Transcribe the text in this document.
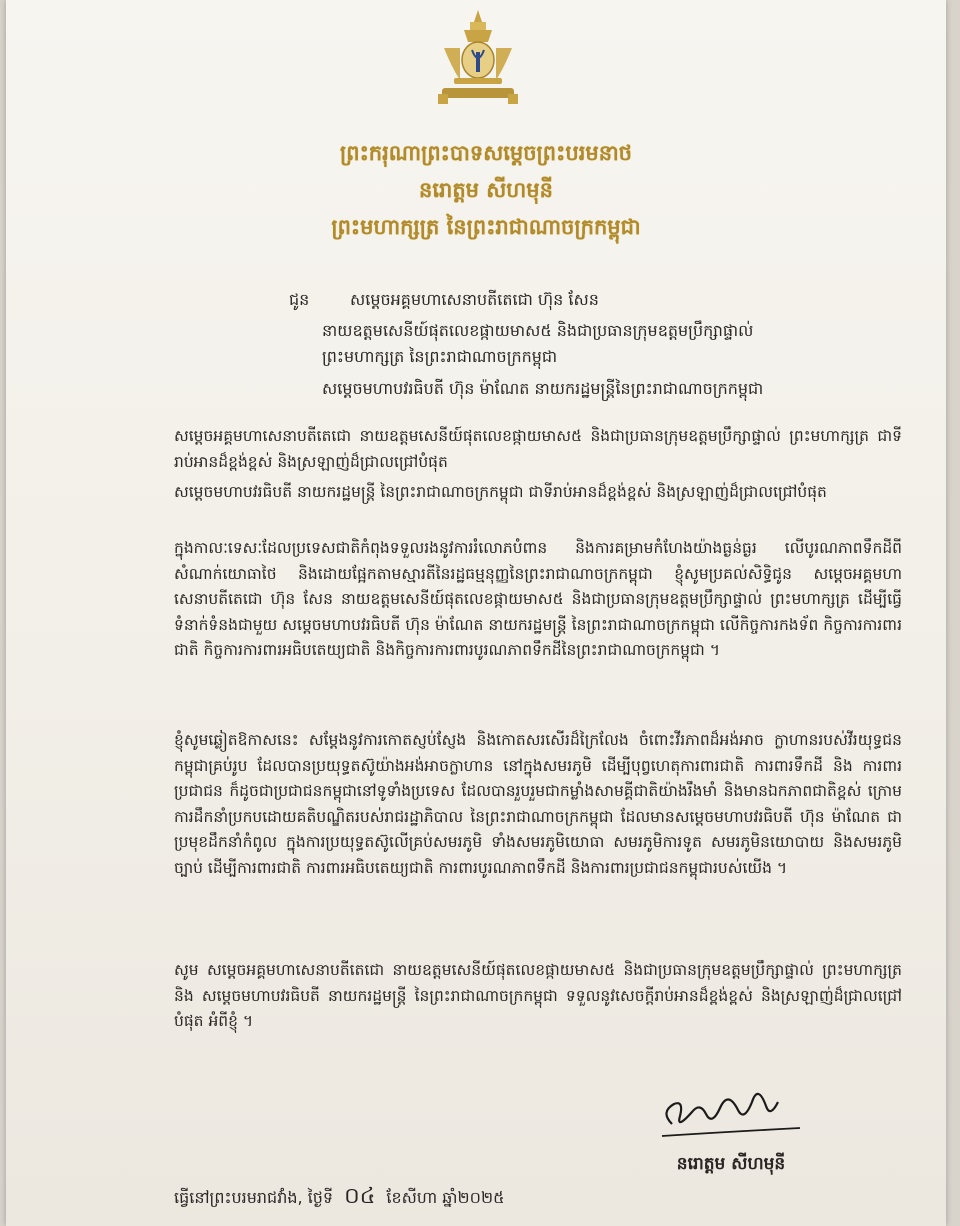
ព្រះករុណាព្រះបាទសម្ដេចព្រះបរមនាថ
នរោត្តម សីហមុនី
ព្រះមហាក្សត្រ នៃព្រះរាជាណាចក្រកម្ពុជា
ជូន	សម្ដេចអគ្គមហាសេនាបតីតេជោ ហ៊ុន សែន
នាយឧត្តមសេនីយ៍ផុតលេខផ្កាយមាស៥ និងជាប្រធានក្រុមឧត្តមប្រឹក្សាផ្ទាល់
ព្រះមហាក្សត្រ នៃព្រះរាជាណាចក្រកម្ពុជា
សម្ដេចមហាបវរធិបតី ហ៊ុន ម៉ាណែត នាយករដ្ឋមន្ត្រីនៃព្រះរាជាណាចក្រកម្ពុជា

សម្ដេចអគ្គមហាសេនាបតីតេជោ នាយឧត្តមសេនីយ៍ផុតលេខផ្កាយមាស៥ និងជាប្រធានក្រុមឧត្តមប្រឹក្សាផ្ទាល់ ព្រះមហាក្សត្រ ជាទីរាប់អានដ៏ខ្ពង់ខ្ពស់ និងស្រឡាញ់ដ៏ជ្រាលជ្រៅបំផុត

សម្ដេចមហាបវរធិបតី នាយករដ្ឋមន្ត្រី នៃព្រះរាជាណាចក្រកម្ពុជា ជាទីរាប់អានដ៏ខ្ពង់ខ្ពស់ និងស្រឡាញ់ដ៏ជ្រាលជ្រៅបំផុត

ក្នុងកាលៈទេសៈដែលប្រទេសជាតិកំពុងទទួលរងនូវការរំលោភបំពាន និងការគម្រាមកំហែងយ៉ាងធ្ងន់ធ្ងរ លើបូរណភាពទឹកដីពីសំណាក់យោធាថៃ និងដោយផ្អែកតាមស្មារតីនៃរដ្ឋធម្មនុញ្ញនៃព្រះរាជាណាចក្រកម្ពុជា ខ្ញុំសូមប្រគល់សិទ្ធិជូន សម្ដេចអគ្គមហាសេនាបតីតេជោ ហ៊ុន សែន នាយឧត្តមសេនីយ៍ផុតលេខផ្កាយមាស៥ និងជាប្រធានក្រុមឧត្តមប្រឹក្សាផ្ទាល់ ព្រះមហាក្សត្រ ដើម្បីធ្វើទំនាក់ទំនងជាមួយ សម្ដេចមហាបវរធិបតី ហ៊ុន ម៉ាណែត នាយករដ្ឋមន្ត្រី នៃព្រះរាជាណាចក្រកម្ពុជា លើកិច្ចការកងទ័ព កិច្ចការការពារជាតិ កិច្ចការការពារអធិបតេយ្យជាតិ និងកិច្ចការការពារបូរណភាពទឹកដីនៃព្រះរាជាណាចក្រកម្ពុជា ។

ខ្ញុំសូមឆ្លៀតឱកាសនេះ សម្ដែងនូវការកោតស្ញប់ស្ញែង និងកោតសរសើរដ៏ក្រៃលែង ចំពោះវីរភាពដ៏អង់អាច ក្លាហានរបស់វីរយុទ្ធជនកម្ពុជាគ្រប់រូប ដែលបានប្រយុទ្ធតស៊ូយ៉ាងអង់អាចក្លាហាន នៅក្នុងសមរភូមិ ដើម្បីបុព្វហេតុការពារជាតិ ការពារទឹកដី និង ការពារប្រជាជន ក៏ដូចជាប្រជាជនកម្ពុជានៅទូទាំងប្រទេស ដែលបានរួបរួមជាកម្លាំងសាមគ្គីជាតិយ៉ាងរឹងមាំ និងមានឯកភាពជាតិខ្ពស់ ក្រោមការដឹកនាំប្រកបដោយគតិបណ្ឌិតរបស់រាជរដ្ឋាភិបាល នៃព្រះរាជាណាចក្រកម្ពុជា ដែលមានសម្ដេចមហាបវរធិបតី ហ៊ុន ម៉ាណែត ជាប្រមុខដឹកនាំកំពូល ក្នុងការប្រយុទ្ធតស៊ូលើគ្រប់សមរភូមិ ទាំងសមរភូមិយោធា សមរភូមិការទូត សមរភូមិនយោបាយ និងសមរភូមិច្បាប់ ដើម្បីការពារជាតិ ការពារអធិបតេយ្យជាតិ ការពារបូរណភាពទឹកដី និងការពារប្រជាជនកម្ពុជារបស់យើង ។

សូម សម្ដេចអគ្គមហាសេនាបតីតេជោ នាយឧត្តមសេនីយ៍ផុតលេខផ្កាយមាស៥ និងជាប្រធានក្រុមឧត្តមប្រឹក្សាផ្ទាល់ ព្រះមហាក្សត្រ និង សម្ដេចមហាបវរធិបតី នាយករដ្ឋមន្ត្រី នៃព្រះរាជាណាចក្រកម្ពុជា ទទួលនូវសេចក្តីរាប់អានដ៏ខ្ពង់ខ្ពស់ និងស្រឡាញ់ដ៏ជ្រាលជ្រៅបំផុត អំពីខ្ញុំ ។

នរោត្តម សីហមុនី
ធ្វើនៅព្រះបរមរាជវាំង, ថ្ងៃទី ០៤ ខែសីហា ឆ្នាំ២០២៥
